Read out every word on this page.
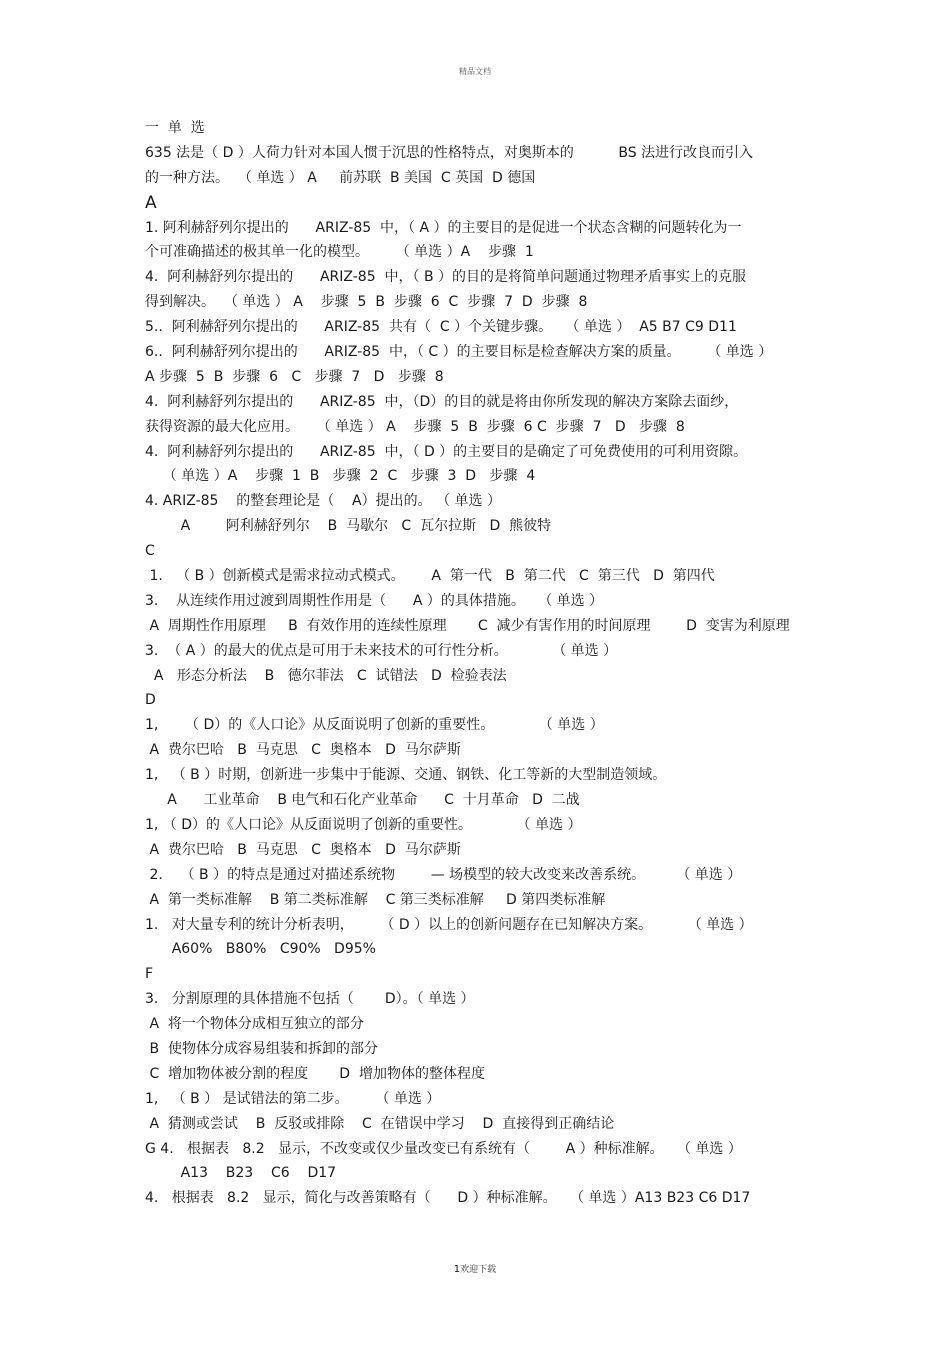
精品文档
一  单  选
635 法是（ D ）人荷力针对本国人惯于沉思的性格特点，对奥斯本的          BS 法进行改良而引入
的一种方法。  （ 单选 ） A     前苏联  B 美国  C 英国  D 德国
A
1. 阿利赫舒列尔提出的      ARIZ-85  中，（ A ）的主要目的是促进一个状态含糊的问题转化为一
个可准确描述的极其单一化的模型。      （ 单选 ）A    步骤  1
4.  阿利赫舒列尔提出的      ARIZ-85  中，（ B ）的目的是将简单问题通过物理矛盾事实上的克服
得到解决。  （ 单选 ） A    步骤  5  B  步骤  6  C  步骤  7  D  步骤  8
5..  阿利赫舒列尔提出的      ARIZ-85  共有（  C ）个关键步骤。   （ 单选 ）  A5 B7 C9 D11
6..  阿利赫舒列尔提出的      ARIZ-85  中，（ C ）的主要目标是检查解决方案的质量。      （ 单选 ）
A 步骤  5  B  步骤  6   C   步骤  7   D   步骤  8
4.  阿利赫舒列尔提出的      ARIZ-85  中，（D）的目的就是将由你所发现的解决方案除去面纱，
获得资源的最大化应用。    （ 单选 ） A    步骤  5  B  步骤  6 C  步骤  7   D   步骤  8
4.  阿利赫舒列尔提出的      ARIZ-85  中，（ D ）的主要目的是确定了可免费使用的可利用资隙。
（ 单选 ）A    步骤  1  B   步骤  2  C   步骤  3  D   步骤  4
4. ARIZ-85    的整套理论是（    A）提出的。 （ 单选 ）
A        阿利赫舒列尔    B  马歇尔   C  瓦尔拉斯   D  熊彼特
C
1.   （ B ）创新模式是需求拉动式模式。      A  第一代   B  第二代   C  第三代   D  第四代
3.    从连续作用过渡到周期性作用是（      A ）的具体措施。   （ 单选 ）
A  周期性作用原理     B  有效作用的连续性原理       C  减少有害作用的时间原理        D  变害为利原理
3.  （ A ）的最大的优点是可用于未来技术的可行性分析。          （ 单选 ）
A   形态分析法    B   德尔菲法   C  试错法   D  检验表法
D
1,      （ D）的《人口论》从反面说明了创新的重要性。          （ 单选 ）
A  费尔巴哈   B  马克思   C  奥格本   D  马尔萨斯
1,   （ B ）时期，创新进一步集中于能源、交通、钢铁、化工等新的大型制造领域。
A      工业革命    B 电气和石化产业革命      C  十月革命   D  二战
1, （ D）的《人口论》从反面说明了创新的重要性。          （ 单选 ）
A  费尔巴哈   B  马克思   C  奥格本   D  马尔萨斯
2.    （ B ）的特点是通过对描述系统物        — 场模型的较大改变来改善系统。       （ 单选 ）
A  第一类标准解    B 第二类标准解    C 第三类标准解     D 第四类标准解
1.   对大量专利的统计分析表明，      （ D ）以上的创新问题存在已知解决方案。        （ 单选 ）
A60%   B80%   C90%   D95%
F
3.   分割原理的具体措施不包括（       D）。（ 单选 ）
A  将一个物体分成相互独立的部分
B  使物体分成容易组装和拆卸的部分
C  增加物体被分割的程度       D  增加物体的整体程度
1,   （ B ） 是试错法的第二步。      （ 单选 ）
A  猜测或尝试    B  反驳或排除    C  在错误中学习    D  直接得到正确结论
G 4.   根据表   8.2   显示，不改变或仅少量改变已有系统有（        A ）种标准解。   （ 单选 ）
A13    B23    C6    D17
4.   根据表   8.2   显示，简化与改善策略有（      D ）种标准解。   （ 单选 ）A13 B23 C6 D17
1欢迎下载
